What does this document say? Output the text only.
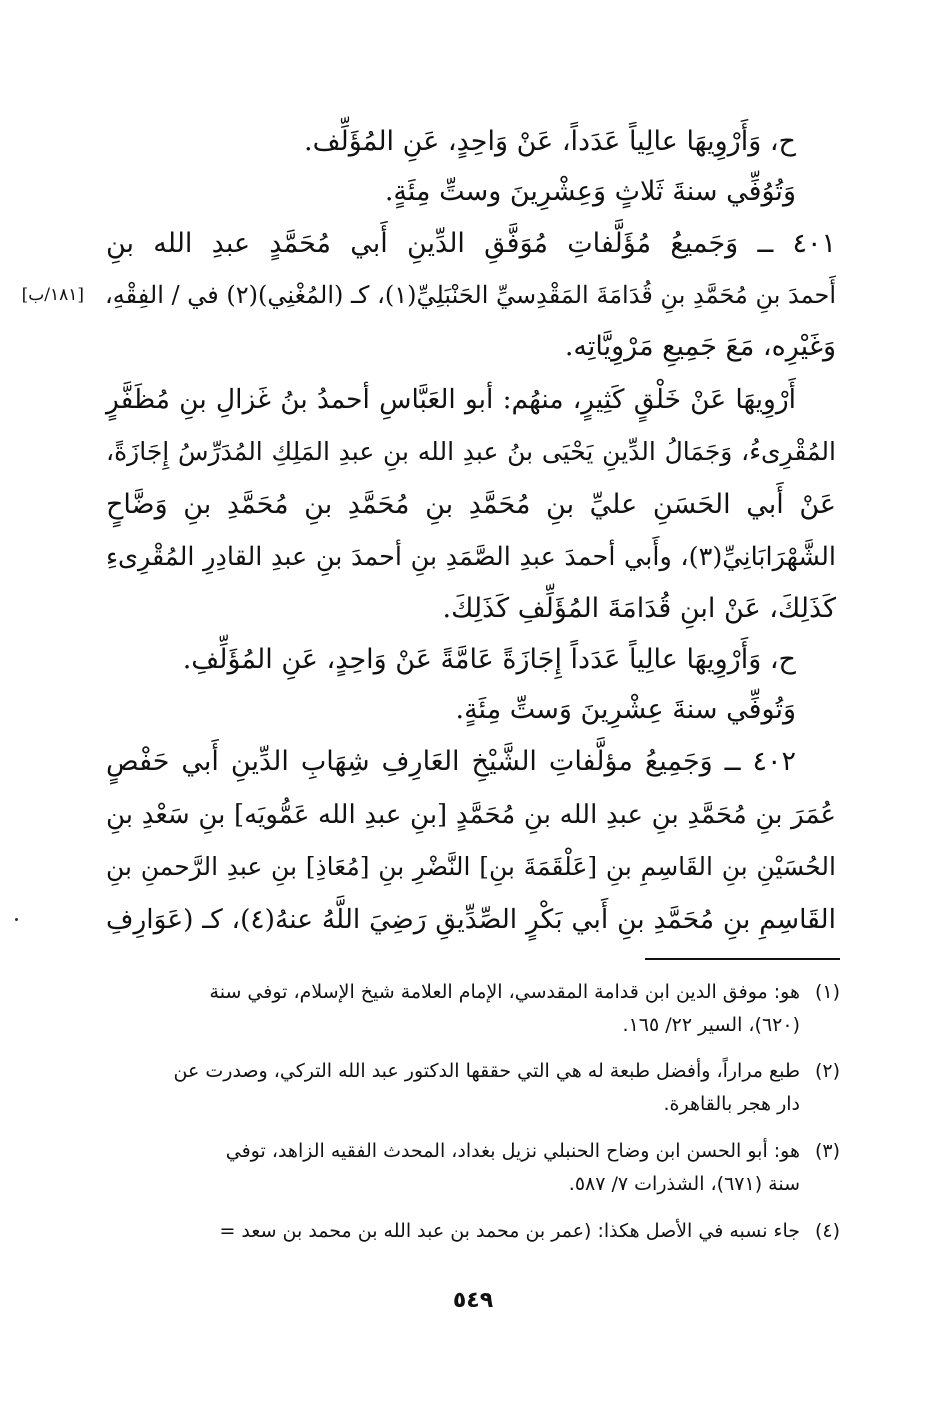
ح، وَأَرْوِيهَا عالِياً عَدَداً، عَنْ وَاحِدٍ، عَنِ المُؤَلِّف.
وَتُوُفِّي سنةَ ثَلاثٍ وَعِشْرِينَ وستِّ مِئَةٍ.
٤٠١ ــ وَجَميعُ مُؤَلَّفاتِ مُوَفَّقِ الدِّينِ أَبي مُحَمَّدٍ عبدِ الله بنِ
أَحمدَ بنِ مُحَمَّدِ بنِ قُدَامَةَ المَقْدِسيِّ الحَنْبَلِيِّ(١)، كـ (المُغْنِي)(٢) في / الفِقْهِ،
[١٨١/ب]
وَغَيْرِه، مَعَ جَمِيعِ مَرْوِيَّاتِه.
أَرْوِيهَا عَنْ خَلْقٍ كَثِيرٍ، منهُم: أبو العَبَّاسِ أحمدُ بنُ غَزالِ بنِ مُظَفَّرٍ
المُقْرِىءُ، وَجَمَالُ الدِّينِ يَحْيَى بنُ عبدِ الله بنِ عبدِ المَلِكِ المُدَرِّسُ إِجَازَةً،
عَنْ أَبي الحَسَنِ عليِّ بنِ مُحَمَّدِ بنِ مُحَمَّدِ بنِ مُحَمَّدِ بنِ وَضَّاحٍ
الشَّهْرَابَانِيِّ(٣)، وأَبي أحمدَ عبدِ الصَّمَدِ بنِ أحمدَ بنِ عبدِ القادِرِ المُقْرِىءِ
كَذَلِكَ، عَنْ ابنِ قُدَامَةَ المُؤَلِّفِ كَذَلِكَ.
ح، وَأَرْوِيهَا عالِياً عَدَداً إِجَازَةً عَامَّةً عَنْ وَاحِدٍ، عَنِ المُؤَلِّفِ.
وَتُوفِّي سنةَ عِشْرِينَ وَستِّ مِئَةٍ.
٤٠٢ ــ وَجَمِيعُ مؤلَّفاتِ الشَّيْخِ العَارِفِ شِهَابِ الدِّينِ أَبي حَفْصٍ
عُمَرَ بنِ مُحَمَّدِ بنِ عبدِ الله بنِ مُحَمَّدٍ [بنِ عبدِ الله عَمُّويَه] بنِ سَعْدِ بنِ
الحُسَيْنِ بنِ القَاسِمِ بنِ [عَلْقَمَةَ بنِ] النَّضْرِ بنِ [مُعَاذِ] بنِ عبدِ الرَّحمنِ بنِ
القَاسِمِ بنِ مُحَمَّدِ بنِ أَبي بَكْرٍ الصِّدِّيقِ رَضِيَ اللَّهُ عنهُ(٤)، كـ (عَوَارِفِ
(١)هو: موفق الدين ابن قدامة المقدسي، الإمام العلامة شيخ الإسلام، توفي سنة
(٦٢٠)، السير ٢٢/ ١٦٥.
(٢)طبع مراراً، وأفضل طبعة له هي التي حققها الدكتور عبد الله التركي، وصدرت عن
دار هجر بالقاهرة.
(٣)هو: أبو الحسن ابن وضاح الحنبلي نزيل بغداد، المحدث الفقيه الزاهد، توفي
سنة (٦٧١)، الشذرات ٧/ ٥٨٧.
(٤)جاء نسبه في الأصل هكذا: (عمر بن محمد بن عبد الله بن محمد بن سعد =
٥٤٩
